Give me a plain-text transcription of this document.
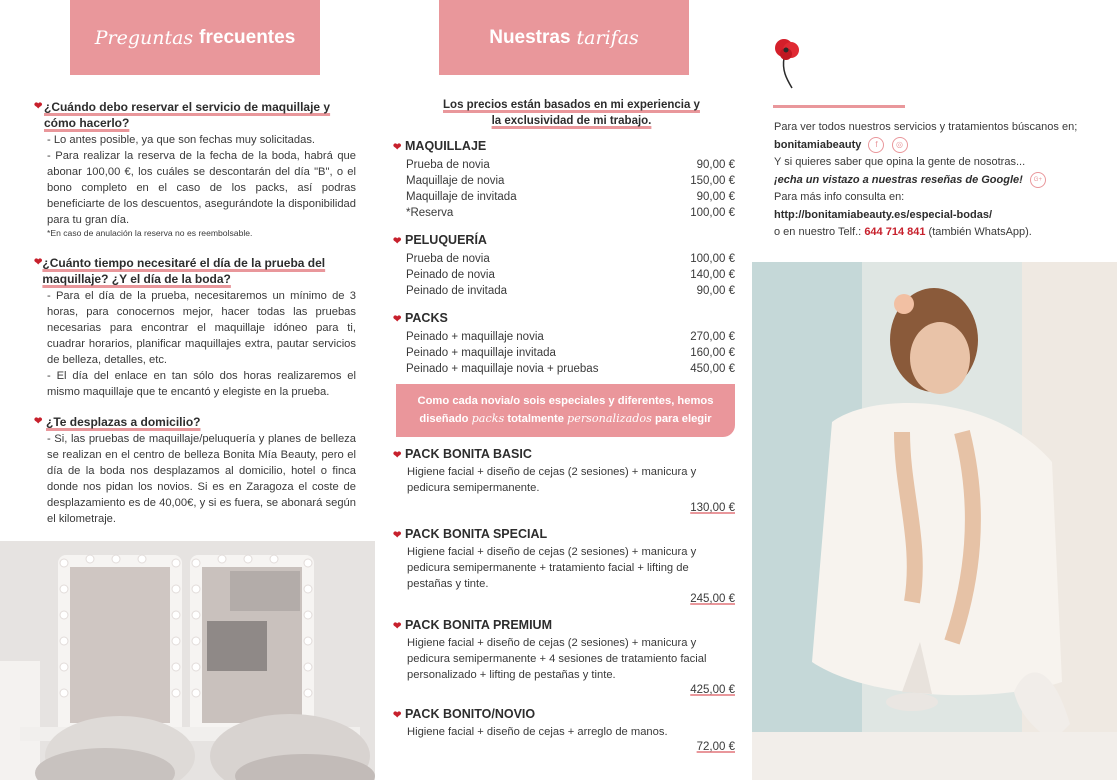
Preguntas frecuentes
❤ ¿Cuándo debo reservar el servicio de maquillaje y cómo hacerlo?
- Lo antes posible, ya que son fechas muy solicitadas.
- Para realizar la reserva de la fecha de la boda, habrá que abonar 100,00 €, los cuáles se descontarán del día "B", o el bono completo en el caso de los packs, así podras beneficiarte de los descuentos, asegurándote la disponibilidad para tu gran día.
*En caso de anulación la reserva no es reembolsable.
❤ ¿Cuánto tiempo necesitaré el día de la prueba del maquillaje? ¿Y el día de la boda?
- Para el día de la prueba, necesitaremos un mínimo de 3 horas, para conocernos mejor, hacer todas las pruebas necesarias para encontrar el maquillaje idóneo para ti, cuadrar horarios, planificar maquillajes extra, pautar servicios de belleza, detalles, etc.
- El día del enlace en tan sólo dos horas realizaremos el mismo maquillaje que te encantó y elegiste en la prueba.
❤ ¿Te desplazas a domicilio?
- Si, las pruebas de maquillaje/peluquería y planes de belleza se realizan en el centro de belleza Bonita Mía Beauty, pero el día de la boda nos desplazamos al domicilio, hotel o finca donde nos pidan los novios. Si es en Zaragoza el coste de desplazamiento es de 40,00€, y si es fuera, se abonará según el kilometraje.
Nuestras tarifas
Los precios están basados en mi experiencia y
la exclusividad de mi trabajo.
❤ MAQUILLAJE
Prueba de novia	90,00 €
Maquillaje de novia	150,00 €
Maquillaje de invitada	90,00 €
*Reserva	100,00 €
❤ PELUQUERÍA
Prueba de novia	100,00 €
Peinado de novia	140,00 €
Peinado de invitada	90,00 €
❤ PACKS
Peinado + maquillaje novia	270,00 €
Peinado + maquillaje invitada	160,00 €
Peinado + maquillaje novia + pruebas	450,00 €
Como cada novia/o sois especiales y diferentes, hemos
diseñado packs totalmente personalizados para elegir
❤ PACK BONITA BASIC
Higiene facial + diseño de cejas (2 sesiones) + manicura y pedicura semipermanente.
130,00 €
❤ PACK BONITA SPECIAL
Higiene facial + diseño de cejas (2 sesiones) + manicura y pedicura semipermanente + tratamiento facial + lifting de pestañas y tinte.
245,00 €
❤ PACK BONITA PREMIUM
Higiene facial + diseño de cejas (2 sesiones) + manicura y pedicura semipermanente + 4 sesiones de tratamiento facial personalizado + lifting de pestañas y tinte.
425,00 €
❤ PACK BONITO/NOVIO
Higiene facial + diseño de cejas + arreglo de manos.
72,00 €
Para ver todos nuestros servicios y tratamientos búscanos en;
bonitamiabeauty f ◎
Y si quieres saber que opina la gente de nosotras...
¡echa un vistazo a nuestras reseñas de Google! G+
Para más info consulta en:
http://bonitamiabeauty.es/especial-bodas/
o en nuestro Telf.: 644 714 841 (también WhatsApp).
